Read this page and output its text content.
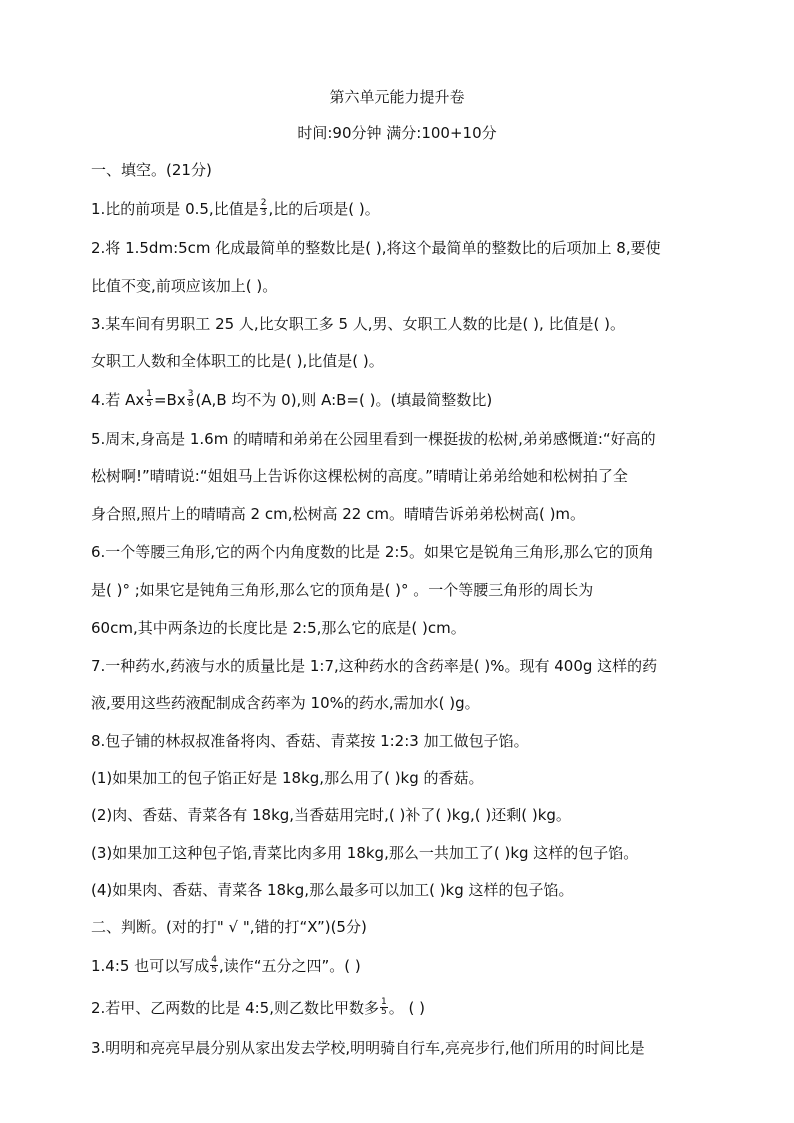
第六单元能力提升卷
时间:90分钟 满分:100+10分
一、填空。(21分)
1.比的前项是 0.5,比值是 $\frac{2}{3}$ ,比的后项是( )。
2.将 1.5dm:5cm 化成最简单的整数比是( ),将这个最简单的整数比的后项加上 8,要使
比值不变,前项应该加上( )。
3.某车间有男职工 25 人,比女职工多 5 人,男、女职工人数的比是( ), 比值是( )。
女职工人数和全体职工的比是( ),比值是( )。
4.若 Ax $\frac{1}{5} =Bx \frac{3}{8} (A,B$ 均不为 0),则 A:B=( )。(填最简整数比)
5.周末,身高是 1.6m 的晴晴和弟弟在公园里看到一棵挺拔的松树,弟弟感慨道:“好高的
松树啊!”晴晴说:“姐姐马上告诉你这棵松树的高度。”晴晴让弟弟给她和松树拍了全
身合照,照片上的晴晴高 2 cm,松树高 22 cm。晴晴告诉弟弟松树高( )m。
6.一个等腰三角形,它的两个内角度数的比是 2:5。如果它是锐角三角形,那么它的顶角
是( )° ;如果它是钝角三角形,那么它的顶角是( )° 。一个等腰三角形的周长为
60cm,其中两条边的长度比是 2:5,那么它的底是( )cm。
7.一种药水,药液与水的质量比是 1:7,这种药水的含药率是( )%。现有 400g 这样的药
液,要用这些药液配制成含药率为 10%的药水,需加水( )g。
8.包子铺的林叔叔准备将肉、香菇、青菜按 1:2:3 加工做包子馅。
(1)如果加工的包子馅正好是 18kg,那么用了( )kg 的香菇。
(2)肉、香菇、青菜各有 18kg,当香菇用完时,( )补了( )kg,( )还剩( )kg。
(3)如果加工这种包子馅,青菜比肉多用 18kg,那么一共加工了( )kg 这样的包子馅。
(4)如果肉、香菇、青菜各 18kg,那么最多可以加工( )kg 这样的包子馅。
二、判断。(对的打" √ ",错的打“X”)(5分)
1.4:5 也可以写成 $\frac{4}{5}$ ,读作“五分之四”。( )
2.若甲、乙两数的比是 4:5,则乙数比甲数多 $\frac{1}{5}$ 。 ( )
3.明明和亮亮早晨分别从家出发去学校,明明骑自行车,亮亮步行,他们所用的时间比是
